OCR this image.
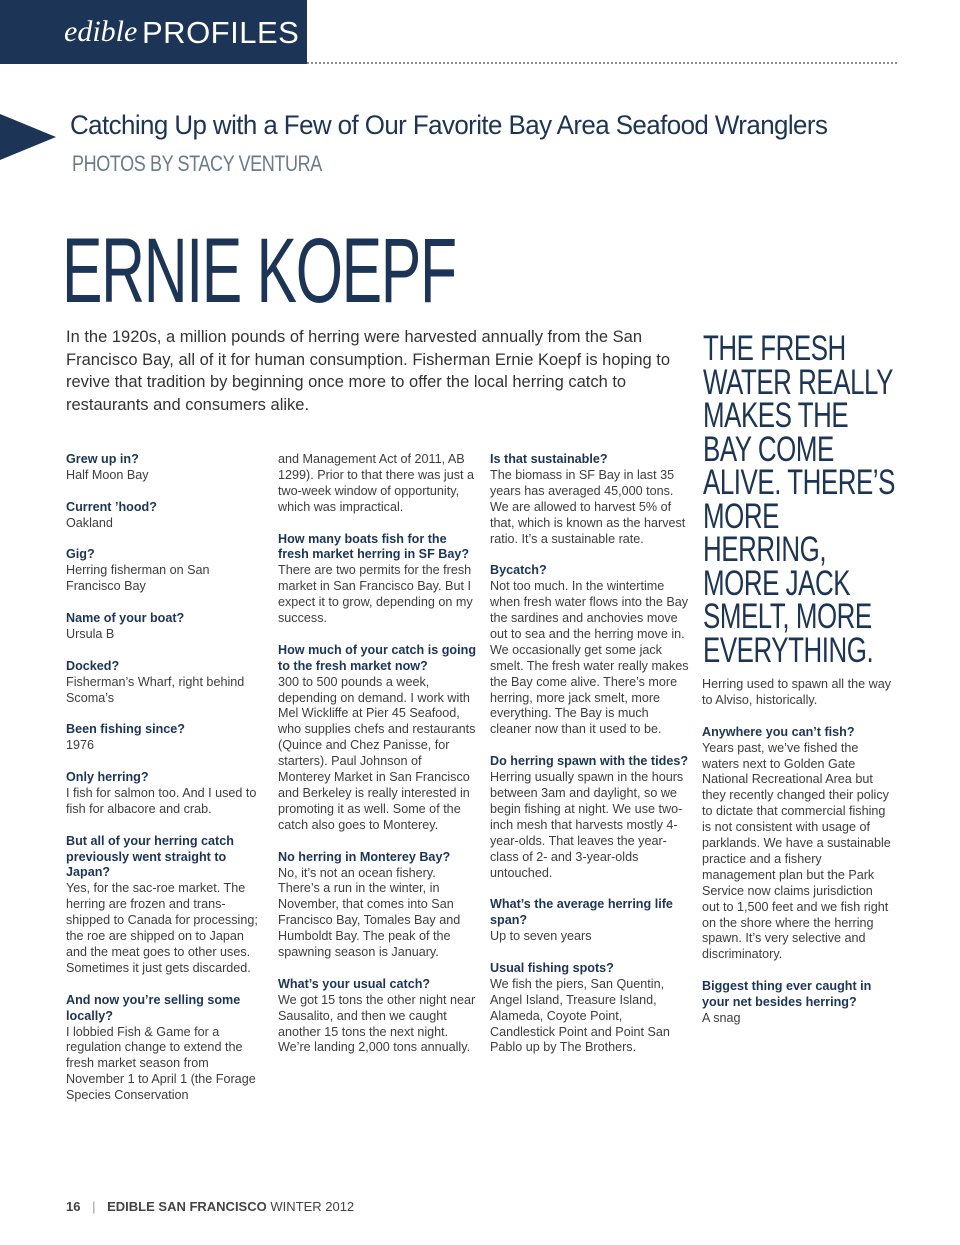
edible PROFILES
Catching Up with a Few of Our Favorite Bay Area Seafood Wranglers
PHOTOS BY STACY VENTURA
ERNIE KOEPF
In the 1920s, a million pounds of herring were harvested annually from the San Francisco Bay, all of it for human consumption. Fisherman Ernie Koepf is hoping to revive that tradition by beginning once more to offer the local herring catch to restaurants and consumers alike.
THE FRESH WATER REALLY MAKES THE BAY COME ALIVE. THERE’S MORE HERRING, MORE JACK SMELT, MORE EVERYTHING.
Grew up in?
Half Moon Bay
Current ’hood?
Oakland
Gig?
Herring fisherman on San Francisco Bay
Name of your boat?
Ursula B
Docked?
Fisherman’s Wharf, right behind Scoma’s
Been fishing since?
1976
Only herring?
I fish for salmon too. And I used to fish for albacore and crab.
But all of your herring catch previously went straight to Japan?
Yes, for the sac-roe market. The herring are frozen and trans-shipped to Canada for processing; the roe are shipped on to Japan and the meat goes to other uses. Sometimes it just gets discarded.
And now you’re selling some locally?
I lobbied Fish & Game for a regulation change to extend the fresh market season from November 1 to April 1 (the Forage Species Conservation
and Management Act of 2011, AB 1299). Prior to that there was just a two-week window of opportunity, which was impractical.
How many boats fish for the fresh market herring in SF Bay?
There are two permits for the fresh market in San Francisco Bay. But I expect it to grow, depending on my success.
How much of your catch is going to the fresh market now?
300 to 500 pounds a week, depending on demand. I work with Mel Wickliffe at Pier 45 Seafood, who supplies chefs and restaurants (Quince and Chez Panisse, for starters). Paul Johnson of Monterey Market in San Francisco and Berkeley is really interested in promoting it as well. Some of the catch also goes to Monterey.
No herring in Monterey Bay?
No, it’s not an ocean fishery. There’s a run in the winter, in November, that comes into San Francisco Bay, Tomales Bay and Humboldt Bay. The peak of the spawning season is January.
What’s your usual catch?
We got 15 tons the other night near Sausalito, and then we caught another 15 tons the next night. We’re landing 2,000 tons annually.
Is that sustainable?
The biomass in SF Bay in last 35 years has averaged 45,000 tons. We are allowed to harvest 5% of that, which is known as the harvest ratio. It’s a sustainable rate.
Bycatch?
Not too much. In the wintertime when fresh water flows into the Bay the sardines and anchovies move out to sea and the herring move in. We occasionally get some jack smelt. The fresh water really makes the Bay come alive. There’s more herring, more jack smelt, more everything. The Bay is much cleaner now than it used to be.
Do herring spawn with the tides?
Herring usually spawn in the hours between 3am and daylight, so we begin fishing at night. We use two-inch mesh that harvests mostly 4-year-olds. That leaves the year-class of 2- and 3-year-olds untouched.
What’s the average herring life span?
Up to seven years
Usual fishing spots?
We fish the piers, San Quentin, Angel Island, Treasure Island, Alameda, Coyote Point, Candlestick Point and Point San Pablo up by The Brothers.
Herring used to spawn all the way to Alviso, historically.
Anywhere you can’t fish?
Years past, we’ve fished the waters next to Golden Gate National Recreational Area but they recently changed their policy to dictate that commercial fishing is not consistent with usage of parklands. We have a sustainable practice and a fishery management plan but the Park Service now claims jurisdiction out to 1,500 feet and we fish right on the shore where the herring spawn. It’s very selective and discriminatory.
Biggest thing ever caught in your net besides herring?
A snag
16 | EDIBLE SAN FRANCISCO WINTER 2012
